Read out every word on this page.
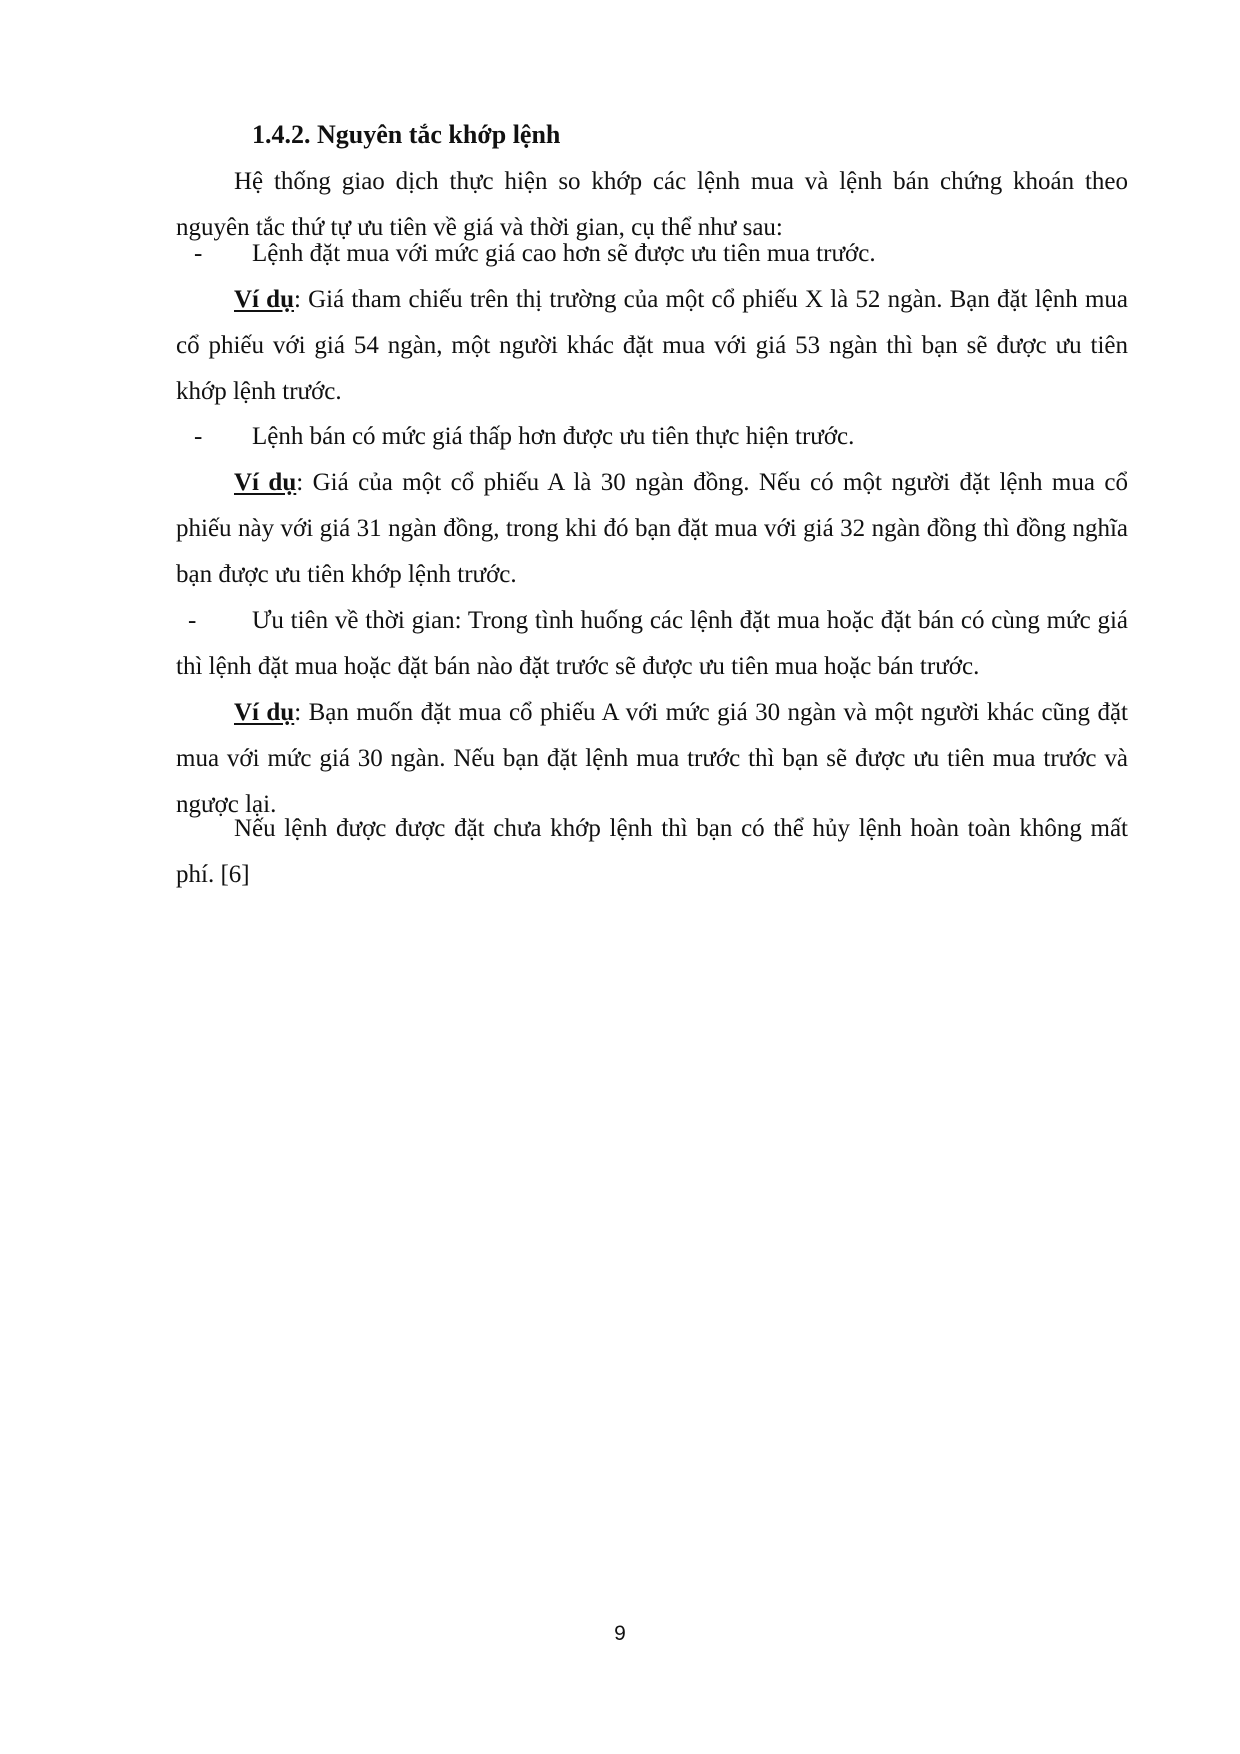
1.4.2. Nguyên tắc khớp lệnh

Hệ thống giao dịch thực hiện so khớp các lệnh mua và lệnh bán chứng khoán theo nguyên tắc thứ tự ưu tiên về giá và thời gian, cụ thể như sau:

-	Lệnh đặt mua với mức giá cao hơn sẽ được ưu tiên mua trước.

Ví dụ: Giá tham chiếu trên thị trường của một cổ phiếu X là 52 ngàn. Bạn đặt lệnh mua cổ phiếu với giá 54 ngàn, một người khác đặt mua với giá 53 ngàn thì bạn sẽ được ưu tiên khớp lệnh trước.

-	Lệnh bán có mức giá thấp hơn được ưu tiên thực hiện trước.

Ví dụ: Giá của một cổ phiếu A là 30 ngàn đồng. Nếu có một người đặt lệnh mua cổ phiếu này với giá 31 ngàn đồng, trong khi đó bạn đặt mua với giá 32 ngàn đồng thì đồng nghĩa bạn được ưu tiên khớp lệnh trước.

-	Ưu tiên về thời gian: Trong tình huống các lệnh đặt mua hoặc đặt bán có cùng mức giá thì lệnh đặt mua hoặc đặt bán nào đặt trước sẽ được ưu tiên mua hoặc bán trước.

Ví dụ: Bạn muốn đặt mua cổ phiếu A với mức giá 30 ngàn và một người khác cũng đặt mua với mức giá 30 ngàn. Nếu bạn đặt lệnh mua trước thì bạn sẽ được ưu tiên mua trước và ngược lại.

Nếu lệnh được được đặt chưa khớp lệnh thì bạn có thể hủy lệnh hoàn toàn không mất phí. [6]

9
